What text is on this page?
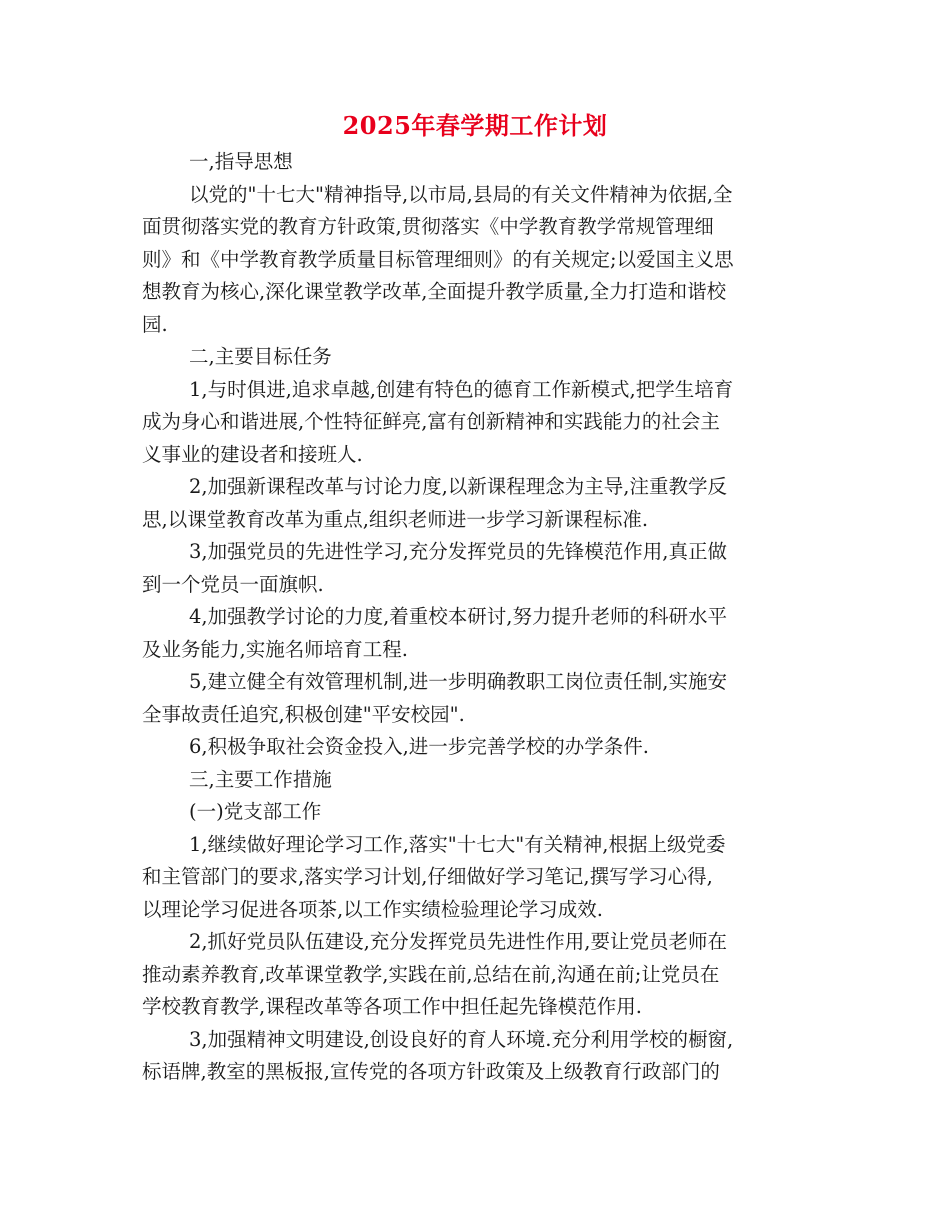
2025年春学期工作计划

一,指导思想

以党的"十七大"精神指导,以市局,县局的有关文件精神为依据,全

面贯彻落实党的教育方针政策,贯彻落实《中学教育教学常规管理细

则》和《中学教育教学质量目标管理细则》的有关规定;以爱国主义思

想教育为核心,深化课堂教学改革,全面提升教学质量,全力打造和谐校

园.

二,主要目标任务

1,与时俱进,追求卓越,创建有特色的德育工作新模式,把学生培育

成为身心和谐进展,个性特征鲜亮,富有创新精神和实践能力的社会主

义事业的建设者和接班人.

2,加强新课程改革与讨论力度,以新课程理念为主导,注重教学反

思,以课堂教育改革为重点,组织老师进一步学习新课程标准.

3,加强党员的先进性学习,充分发挥党员的先锋模范作用,真正做

到一个党员一面旗帜.

4,加强教学讨论的力度,着重校本研讨,努力提升老师的科研水平

及业务能力,实施名师培育工程.

5,建立健全有效管理机制,进一步明确教职工岗位责任制,实施安

全事故责任追究,积极创建"平安校园".

6,积极争取社会资金投入,进一步完善学校的办学条件.

三,主要工作措施

(一)党支部工作

1,继续做好理论学习工作,落实"十七大"有关精神,根据上级党委

和主管部门的要求,落实学习计划,仔细做好学习笔记,撰写学习心得,

以理论学习促进各项茶,以工作实绩检验理论学习成效.

2,抓好党员队伍建设,充分发挥党员先进性作用,要让党员老师在

推动素养教育,改革课堂教学,实践在前,总结在前,沟通在前;让党员在

学校教育教学,课程改革等各项工作中担任起先锋模范作用.

3,加强精神文明建设,创设良好的育人环境.充分利用学校的橱窗,

标语牌,教室的黑板报,宣传党的各项方针政策及上级教育行政部门的
